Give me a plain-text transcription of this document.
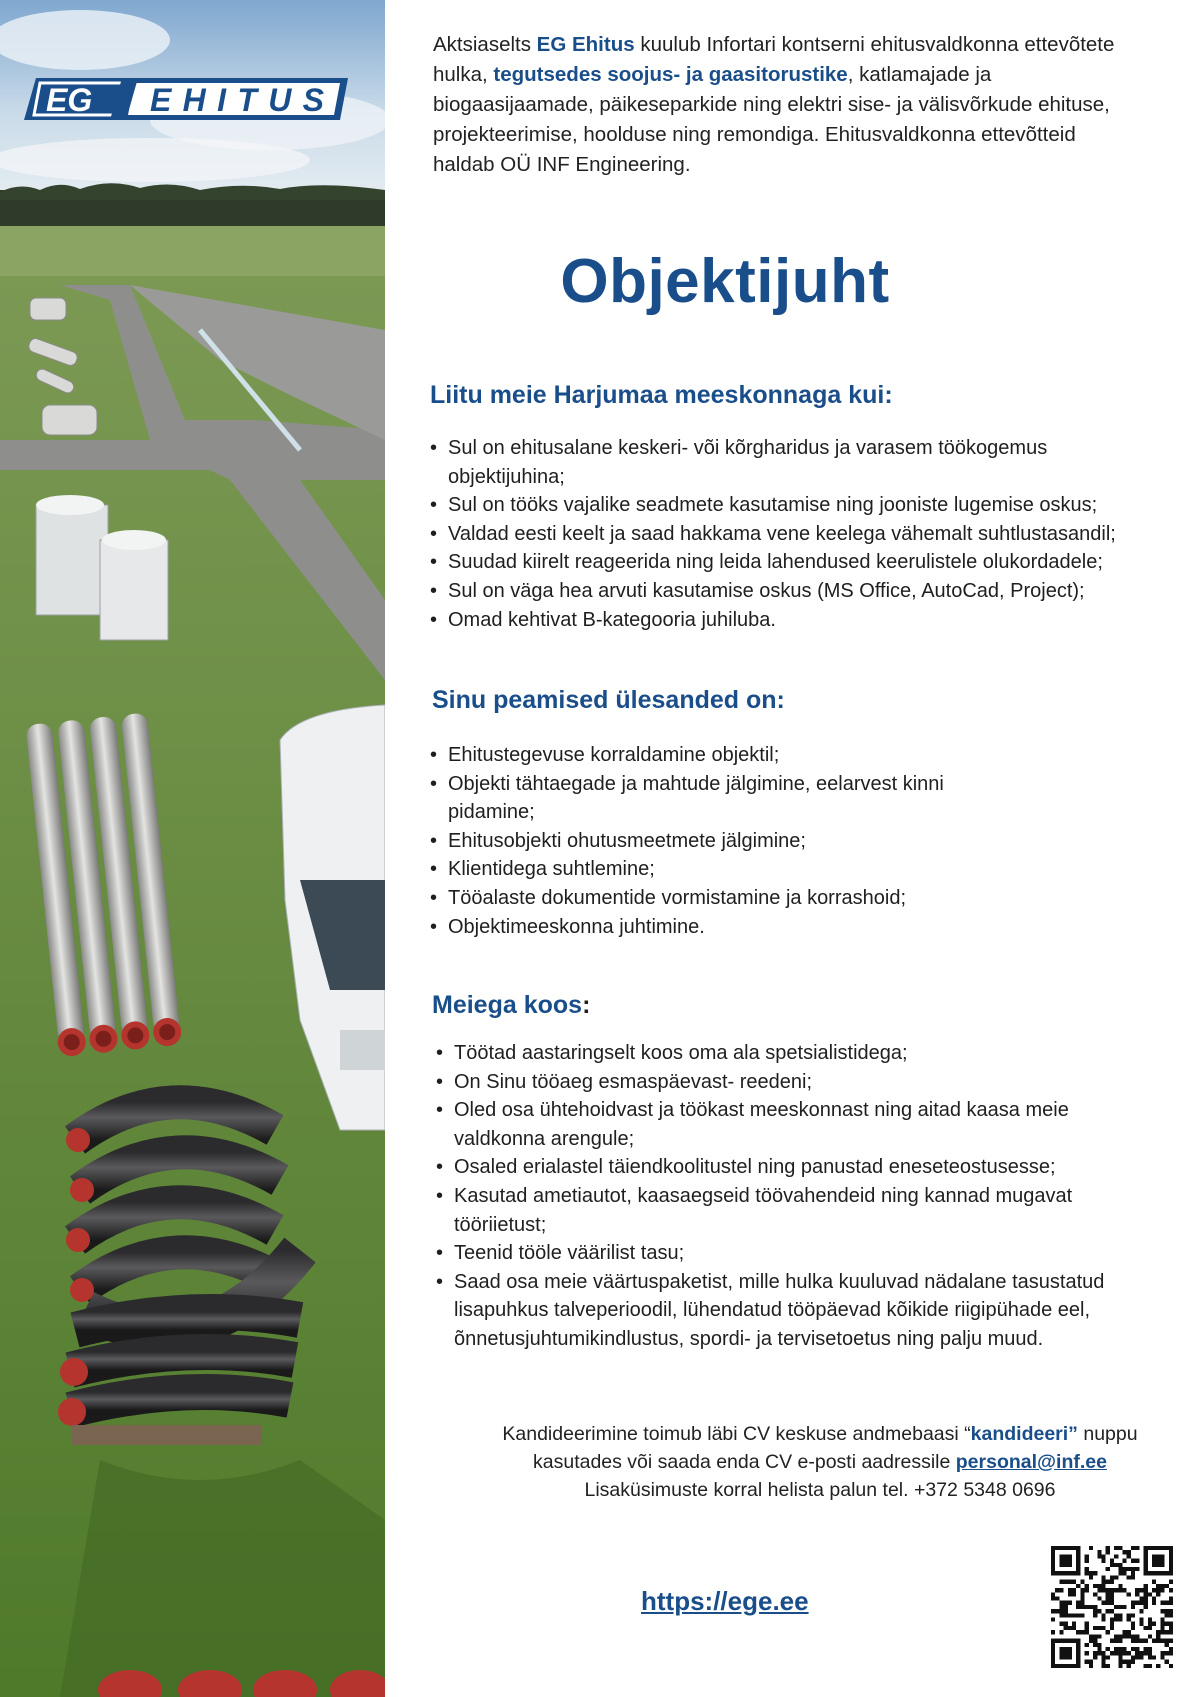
EG EHITUS

Aktsiaselts EG Ehitus kuulub Infortari kontserni ehitusvaldkonna ettevõtete hulka, tegutsedes soojus- ja gaasitorustike, katlamajade ja biogaasijaamade, päikeseparkide ning elektri sise- ja välisvõrkude ehituse, projekteerimise, hoolduse ning remondiga. Ehitusvaldkonna ettevõtteid haldab OÜ INF Engineering.

Objektijuht
Liitu meie Harjumaa meeskonnaga kui:
• Sul on ehitusalane keskeri- või kõrgharidus ja varasem töökogemus objektijuhina;
• Sul on tööks vajalike seadmete kasutamise ning jooniste lugemise oskus;
• Valdad eesti keelt ja saad hakkama vene keelega vähemalt suhtlustasandil;
• Suudad kiirelt reageerida ning leida lahendused keerulistele olukordadele;
• Sul on väga hea arvuti kasutamise oskus (MS Office, AutoCad, Project);
• Omad kehtivat B-kategooria juhiluba.
Sinu peamised ülesanded on:
• Ehitustegevuse korraldamine objektil;
• Objekti tähtaegade ja mahtude jälgimine, eelarvest kinni pidamine;
• Ehitusobjekti ohutusmeetmete jälgimine;
• Klientidega suhtlemine;
• Tööalaste dokumentide vormistamine ja korrashoid;
• Objektimeeskonna juhtimine.
Meiega koos:
• Töötad aastaringselt koos oma ala spetsialistidega;
• On Sinu tööaeg esmaspäevast- reedeni;
• Oled osa ühtehoidvast ja töökast meeskonnast ning aitad kaasa meie valdkonna arengule;
• Osaled erialastel täiendkoolitustel ning panustad eneseteostusesse;
• Kasutad ametiautot, kaasaegseid töövahendeid ning kannad mugavat tööriietust;
• Teenid tööle väärilist tasu;
• Saad osa meie väärtuspaketist, mille hulka kuuluvad nädalane tasustatud lisapuhkus talveperioodil, lühendatud tööpäevad kõikide riigipühade eel, õnnetusjuhtumikindlustus, spordi- ja tervisetoetus ning palju muud.

Kandideerimine toimub läbi CV keskuse andmebaasi “kandideeri” nuppu
kasutades või saada enda CV e-posti aadressile personal@inf.ee
Lisaküsimuste korral helista palun tel. +372 5348 0696

https://ege.ee
